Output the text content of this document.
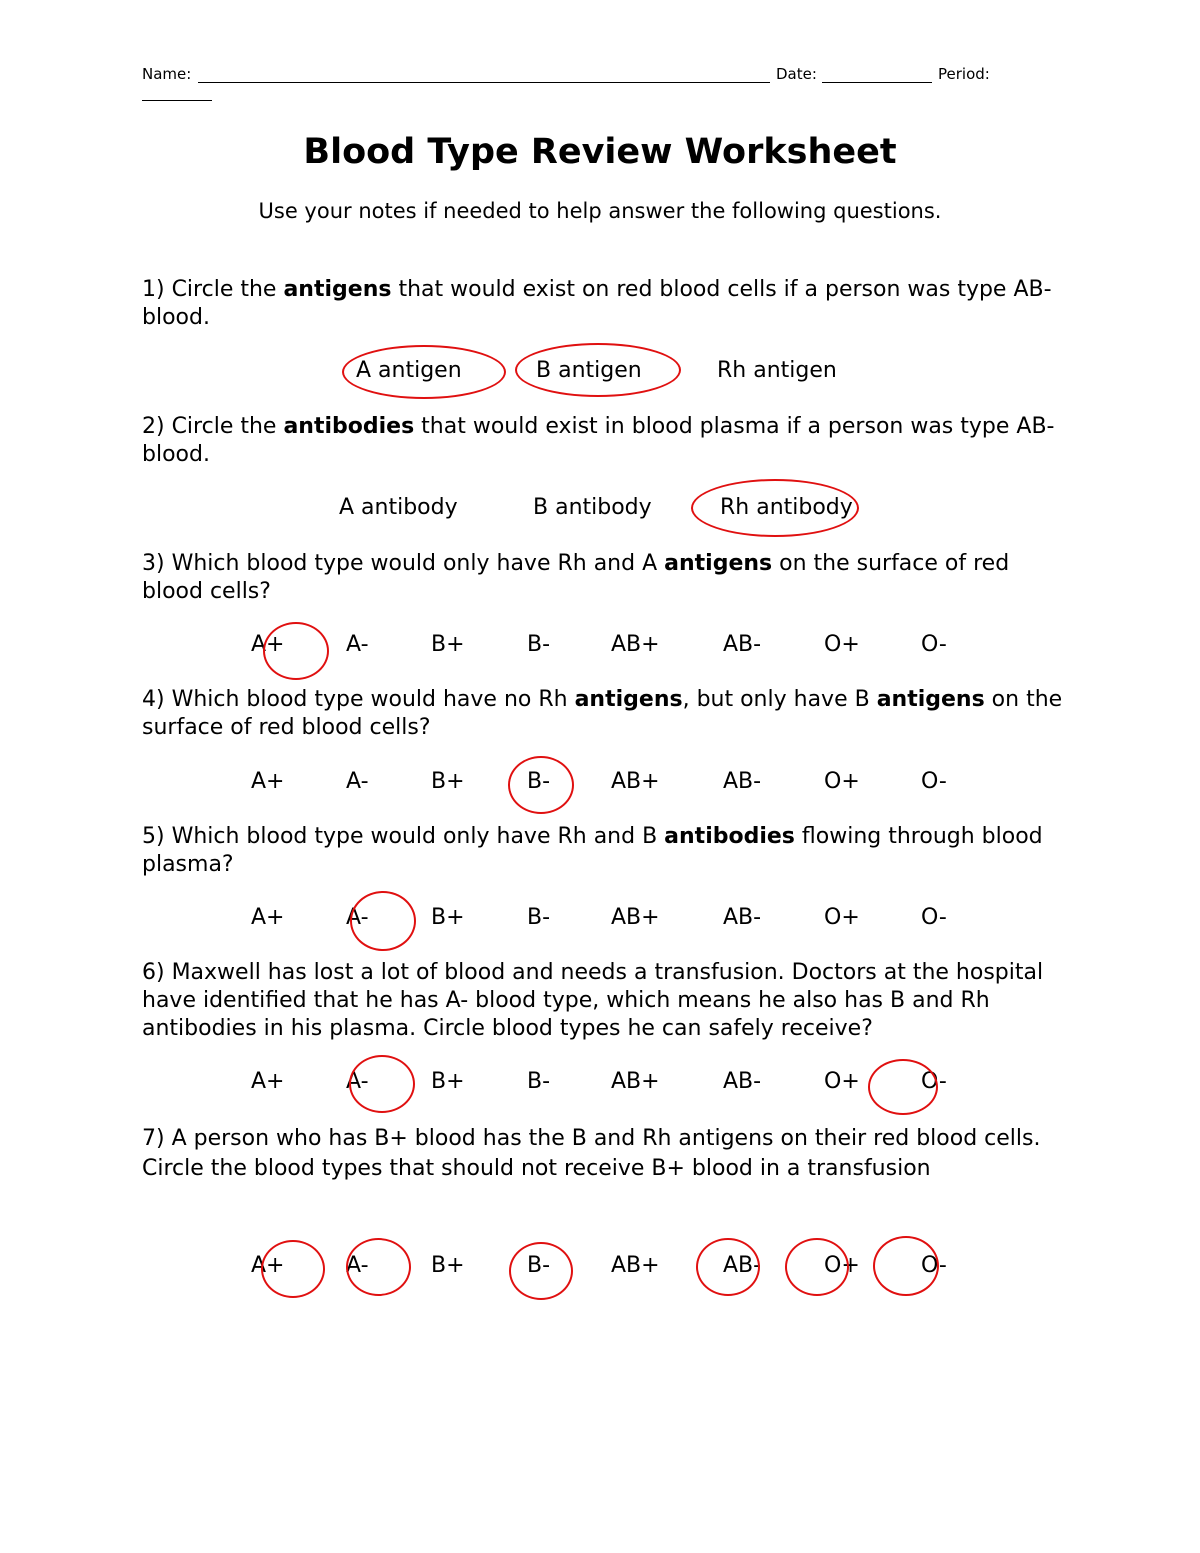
Name:	Date:	Period:
Blood Type Review Worksheet
Use your notes if needed to help answer the following questions.
1) Circle the antigens that would exist on red blood cells if a person was type AB- blood.
A antigen	B antigen	Rh antigen
2) Circle the antibodies that would exist in blood plasma if a person was type AB- blood.
A antibody	B antibody	Rh antibody
3) Which blood type would only have Rh and A antigens on the surface of red blood cells?
A+	A-	B+	B-	AB+	AB-	O+	O-
4) Which blood type would have no Rh antigens, but only have B antigens on the surface of red blood cells?
A+	A-	B+	B-	AB+	AB-	O+	O-
5) Which blood type would only have Rh and B antibodies flowing through blood plasma?
A+	A-	B+	B-	AB+	AB-	O+	O-
6) Maxwell has lost a lot of blood and needs a transfusion. Doctors at the hospital have identified that he has A- blood type, which means he also has B and Rh antibodies in his plasma. Circle blood types he can safely receive?
A+	A-	B+	B-	AB+	AB-	O+	O-
7) A person who has B+ blood has the B and Rh antigens on their red blood cells. Circle the blood types that should not receive B+ blood in a transfusion
A+	A-	B+	B-	AB+	AB-	O+	O-
